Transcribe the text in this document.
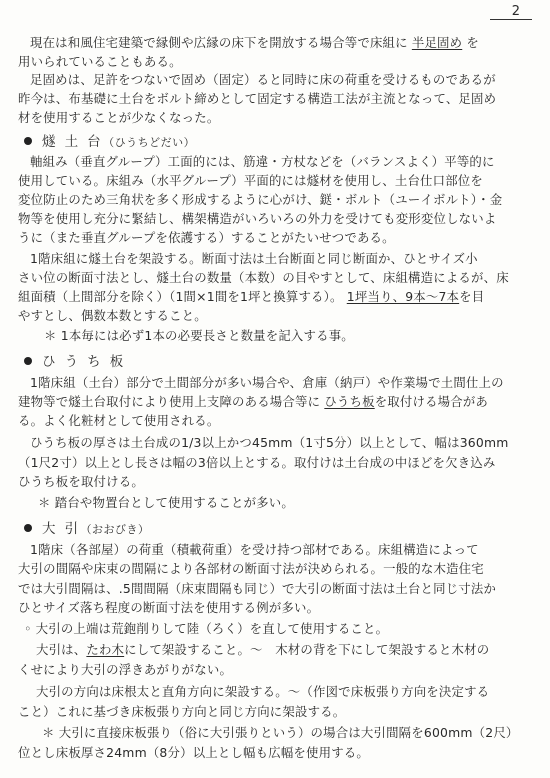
2
現在は和風住宅建築で縁側や広縁の床下を開放する場合等で床組に 半足固め を
用いられていることもある。
足固めは、足許をつないで固め（固定）ると同時に床の荷重を受けるものであるが
昨今は、布基礎に土台をボルト締めとして固定する構造工法が主流となって、足固め
材を使用することが少なくなった。
燧 土 台（ひうちどだい）
軸組み（垂直グループ）工面的には、筋違・方杖などを（バランスよく）平等的に
使用している。床組み（水平グループ）平面的には燧材を使用し、土台仕口部位を
変位防止のため三角状を多く形成するように心がけ、鎹・ボルト（ユーイボルト）・金
物等を使用し充分に緊結し、構架構造がいろいろの外力を受けても変形変位しないよ
うに（また垂直グループを依護する）することがたいせつである。
1階床組に燧土台を架設する。断面寸法は土台断面と同じ断面か、ひとサイズ小
さい位の断面寸法とし、燧土台の数量（本数）の目やすとして、床組構造によるが、床
組面積（上間部分を除く）（1間×1間を1坪と換算する）。 1坪当り、9本〜7本を目
やすとし、偶数本数とすること。
＊ 1本毎には必ず1本の必要長さと数量を記入する事。
ひ う ち 板
1階床組（土台）部分で土間部分が多い場合や、倉庫（納戸）や作業場で土間仕上の
建物等で燧土台取付により使用上支障のある場合等に ひうち板を取付ける場合があ
る。よく化粧材として使用される。
ひうち板の厚さは土台成の1/3以上かつ45mm（1寸5分）以上として、幅は360mm
（1尺2寸）以上とし長さは幅の3倍以上とする。取付けは土台成の中ほどを欠き込み
ひうち板を取付ける。
＊ 踏台や物置台として使用することが多い。
大 引（おおびき）
1階床（各部屋）の荷重（積載荷重）を受け持つ部材である。床組構造によって
大引の間隔や床束の間隔により各部材の断面寸法が決められる。一般的な木造住宅
では大引間隔は、.5間間隔（床束間隔も同じ）で大引の断面寸法は土台と同じ寸法か
ひとサイズ落ち程度の断面寸法を使用する例が多い。
◦ 大引の上端は荒鉋削りして陸（ろく）を直して使用すること。
大引は、たわ木にして架設すること。〜　木材の背を下にして架設すると木材の
くせにより大引の浮きあがりがない。
大引の方向は床根太と直角方向に架設する。〜（作図で床板張り方向を決定する
こと）これに基づき床板張り方向と同じ方向に架設する。
＊ 大引に直接床板張り（俗に大引張りという）の場合は大引間隔を600mm（2尺）
位とし床板厚さ24mm（8分）以上とし幅も広幅を使用する。
